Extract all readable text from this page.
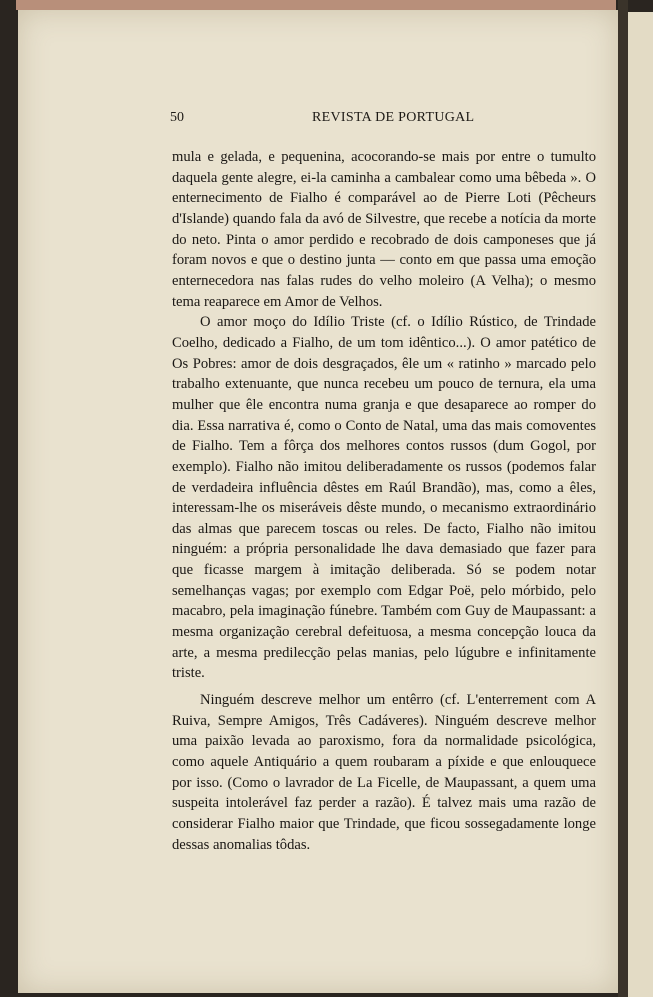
50	REVISTA DE PORTUGAL

mula e gelada, e pequenina, acocorando-se mais por entre o tumulto daquela gente alegre, ei-la caminha a cambalear como uma bêbeda ». O enternecimento de Fialho é comparável ao de Pierre Loti (Pêcheurs d'Islande) quando fala da avó de Silvestre, que recebe a notícia da morte do neto. Pinta o amor perdido e recobrado de dois camponeses que já foram novos e que o destino junta — conto em que passa uma emoção enternecedora nas falas rudes do velho moleiro (A Velha); o mesmo tema reaparece em Amor de Velhos.

O amor moço do Idílio Triste (cf. o Idílio Rústico, de Trindade Coelho, dedicado a Fialho, de um tom idêntico...). O amor patético de Os Pobres: amor de dois desgraçados, êle um « ratinho » marcado pelo trabalho extenuante, que nunca recebeu um pouco de ternura, ela uma mulher que êle encontra numa granja e que desaparece ao romper do dia. Essa narrativa é, como o Conto de Natal, uma das mais comoventes de Fialho. Tem a fôrça dos melhores contos russos (dum Gogol, por exemplo). Fialho não imitou deliberadamente os russos (podemos falar de verdadeira influência dêstes em Raúl Brandão), mas, como a êles, interessam-lhe os miseráveis dêste mundo, o mecanismo extraordinário das almas que parecem toscas ou reles. De facto, Fialho não imitou ninguém: a própria personalidade lhe dava demasiado que fazer para que ficasse margem à imitação deliberada. Só se podem notar semelhanças vagas; por exemplo com Edgar Poë, pelo mórbido, pelo macabro, pela imaginação fúnebre. Também com Guy de Maupassant: a mesma organização cerebral defeituosa, a mesma concepção louca da arte, a mesma predilecção pelas manias, pelo lúgubre e infinitamente triste.

Ninguém descreve melhor um entêrro (cf. L'enterrement com A Ruiva, Sempre Amigos, Três Cadáveres). Ninguém descreve melhor uma paixão levada ao paroxismo, fora da normalidade psicológica, como aquele Antiquário a quem roubaram a píxide e que enlouquece por isso. (Como o lavrador de La Ficelle, de Maupassant, a quem uma suspeita intolerável faz perder a razão). É talvez mais uma razão de considerar Fialho maior que Trindade, que ficou sossegadamente longe dessas anomalias tôdas.
